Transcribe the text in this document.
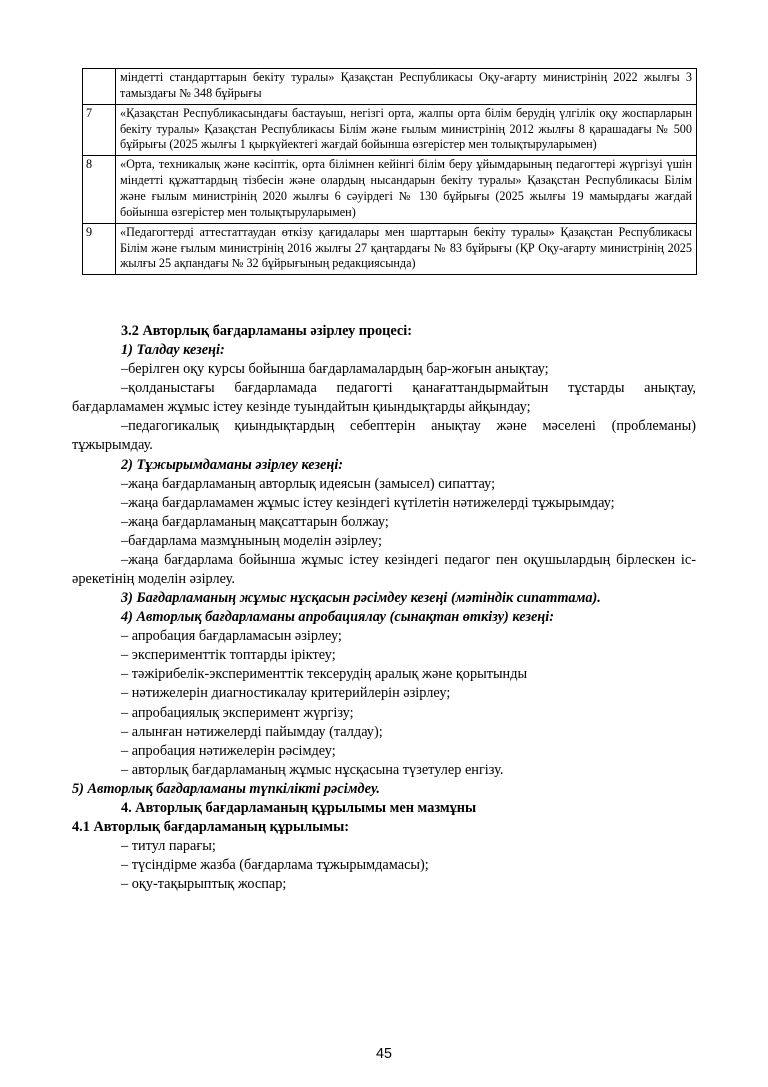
	міндетті стандарттарын бекіту туралы» Қазақстан Республикасы Оқу-ағарту министрінің 2022 жылғы 3 тамыздағы № 348 бұйрығы
7	«Қазақстан Республикасындағы бастауыш, негізгі орта, жалпы орта білім берудің үлгілік оқу жоспарларын бекіту туралы» Қазақстан Республикасы Білім және ғылым министрінің 2012 жылғы 8 қарашадағы № 500 бұйрығы (2025 жылғы 1 қыркүйектегі жағдай бойынша өзгерістер мен толықтыруларымен)
8	«Орта, техникалық және кәсіптік, орта білімнен кейінгі білім беру ұйымдарының педагогтері жүргізуі үшін міндетті құжаттардың тізбесін және олардың нысандарын бекіту туралы» Қазақстан Республикасы Білім және ғылым министрінің 2020 жылғы 6 сәуірдегі № 130 бұйрығы (2025 жылғы 19 мамырдағы жағдай бойынша өзгерістер мен толықтыруларымен)
9	«Педагогтерді аттестаттаудан өткізу қағидалары мен шарттарын бекіту туралы» Қазақстан Республикасы Білім және ғылым министрінің 2016 жылғы 27 қаңтардағы № 83 бұйрығы (ҚР Оқу-ағарту министрінің 2025 жылғы 25 ақпандағы № 32 бұйрығының редакциясында)

3.2 Авторлық бағдарламаны әзірлеу процесі:

1) Талдау кезеңі:

–берілген оқу курсы бойынша бағдарламалардың бар-жоғын анықтау;

–қолданыстағы бағдарламада педагогті қанағаттандырмайтын тұстарды анықтау, бағдарламамен жұмыс істеу кезінде туындайтын қиындықтарды айқындау;

–педагогикалық қиындықтардың себептерін анықтау және мәселені (проблеманы) тұжырымдау.

2) Тұжырымдаманы әзірлеу кезеңі:

–жаңа бағдарламаның авторлық идеясын (замысел) сипаттау;

–жаңа бағдарламамен жұмыс істеу кезіндегі күтілетін нәтижелерді тұжырымдау;

–жаңа бағдарламаның мақсаттарын болжау;

–бағдарлама мазмұнының моделін әзірлеу;

–жаңа бағдарлама бойынша жұмыс істеу кезіндегі педагог пен оқушылардың бірлескен іс-әрекетінің моделін әзірлеу.

3) Бағдарламаның жұмыс нұсқасын рәсімдеу кезеңі (мәтіндік сипаттама).

4) Авторлық бағдарламаны апробациялау (сынақтан өткізу) кезеңі:

– апробация бағдарламасын әзірлеу;

– эксперименттік топтарды іріктеу;

– тәжірибелік-эксперименттік тексерудің аралық және қорытынды

– нәтижелерін диагностикалау критерийлерін әзірлеу;

– апробациялық эксперимент жүргізу;

– алынған нәтижелерді пайымдау (талдау);

– апробация нәтижелерін рәсімдеу;

– авторлық бағдарламаның жұмыс нұсқасына түзетулер енгізу.

5) Авторлық бағдарламаны түпкілікті рәсімдеу.

4. Авторлық бағдарламаның құрылымы мен мазмұны

4.1 Авторлық бағдарламаның құрылымы:

– титул парағы;

– түсіндірме жазба (бағдарлама тұжырымдамасы);

– оқу-тақырыптық жоспар;

45
